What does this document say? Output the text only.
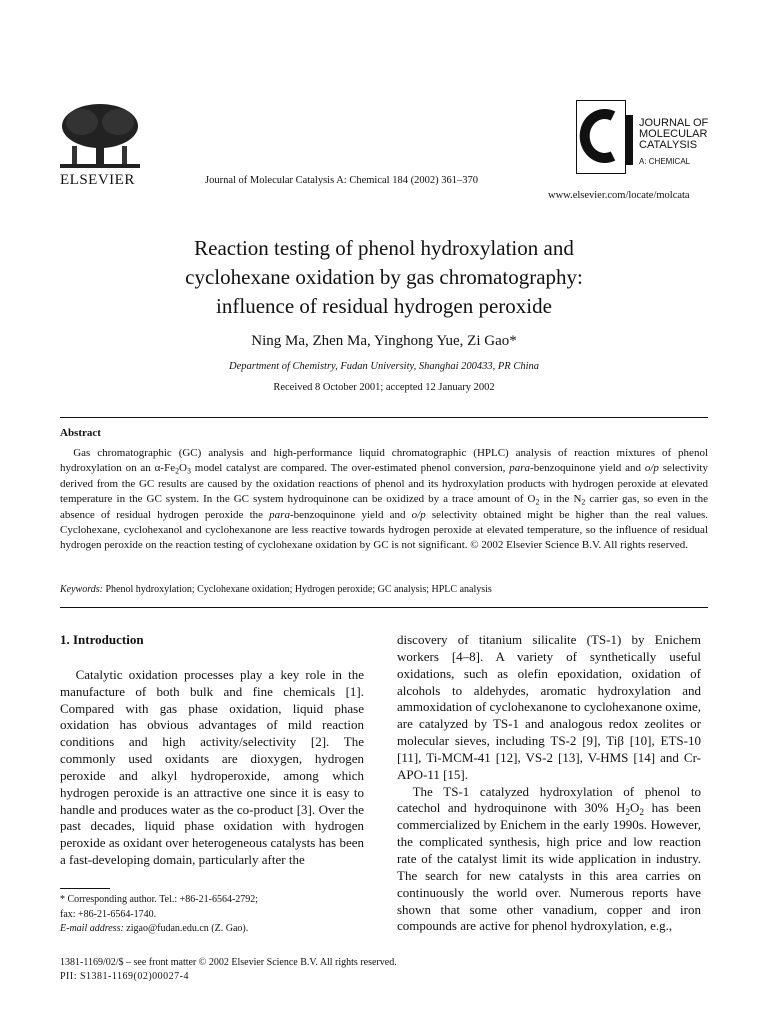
ELSEVIER	Journal of Molecular Catalysis A: Chemical 184 (2002) 361–370
JOURNAL OF
MOLECULAR
CATALYSIS
A: CHEMICAL
www.elsevier.com/locate/molcata
Reaction testing of phenol hydroxylation and
cyclohexane oxidation by gas chromatography:
influence of residual hydrogen peroxide
Ning Ma, Zhen Ma, Yinghong Yue, Zi Gao*
Department of Chemistry, Fudan University, Shanghai 200433, PR China
Received 8 October 2001; accepted 12 January 2002
Abstract
Gas chromatographic (GC) analysis and high-performance liquid chromatographic (HPLC) analysis of reaction mixtures of phenol hydroxylation on an $\alpha-Fe_2O_3$ model catalyst are compared. The over-estimated phenol conversion, para-benzoquinone yield and o/p selectivity derived from the GC results are caused by the oxidation reactions of phenol and its hydroxylation products with hydrogen peroxide at elevated temperature in the GC system. In the GC system hydroquinone can be oxidized by a trace amount of $O_2$ in the $N_2$ carrier gas, so even in the absence of residual hydrogen peroxide the para-benzoquinone yield and o/p selectivity obtained might be higher than the real values. Cyclohexane, cyclohexanol and cyclohexanone are less reactive towards hydrogen peroxide at elevated temperature, so the influence of residual hydrogen peroxide on the reaction testing of cyclohexane oxidation by GC is not significant. © 2002 Elsevier Science B.V. All rights reserved.
Keywords: Phenol hydroxylation; Cyclohexane oxidation; Hydrogen peroxide; GC analysis; HPLC analysis
1. Introduction

Catalytic oxidation processes play a key role in the manufacture of both bulk and fine chemicals [1]. Compared with gas phase oxidation, liquid phase oxidation has obvious advantages of mild reaction conditions and high activity/selectivity [2]. The commonly used oxidants are dioxygen, hydrogen peroxide and alkyl hydroperoxide, among which hydrogen peroxide is an attractive one since it is easy to handle and produces water as the co-product [3]. Over the past decades, liquid phase oxidation with hydrogen peroxide as oxidant over heterogeneous catalysts has been a fast-developing domain, particularly after the

discovery of titanium silicalite (TS-1) by Enichem workers [4–8]. A variety of synthetically useful oxidations, such as olefin epoxidation, oxidation of alcohols to aldehydes, aromatic hydroxylation and ammoxidation of cyclohexanone to cyclohexanone oxime, are catalyzed by TS-1 and analogous redox zeolites or molecular sieves, including TS-2 [9], Tiβ [10], ETS-10 [11], Ti-MCM-41 [12], VS-2 [13], V-HMS [14] and Cr-APO-11 [15].

The TS-1 catalyzed hydroxylation of phenol to catechol and hydroquinone with 30% $H_2O_2$ has been commercialized by Enichem in the early 1990s. However, the complicated synthesis, high price and low reaction rate of the catalyst limit its wide application in industry. The search for new catalysts in this area carries on continuously the world over. Numerous reports have shown that some other vanadium, copper and iron compounds are active for phenol hydroxylation, e.g.,

* Corresponding author. Tel.: +86-21-6564-2792;
fax: +86-21-6564-1740.
E-mail address: zigao@fudan.edu.cn (Z. Gao).
1381-1169/02/$ – see front matter © 2002 Elsevier Science B.V. All rights reserved.
PII: S1381-1169(02)00027-4
